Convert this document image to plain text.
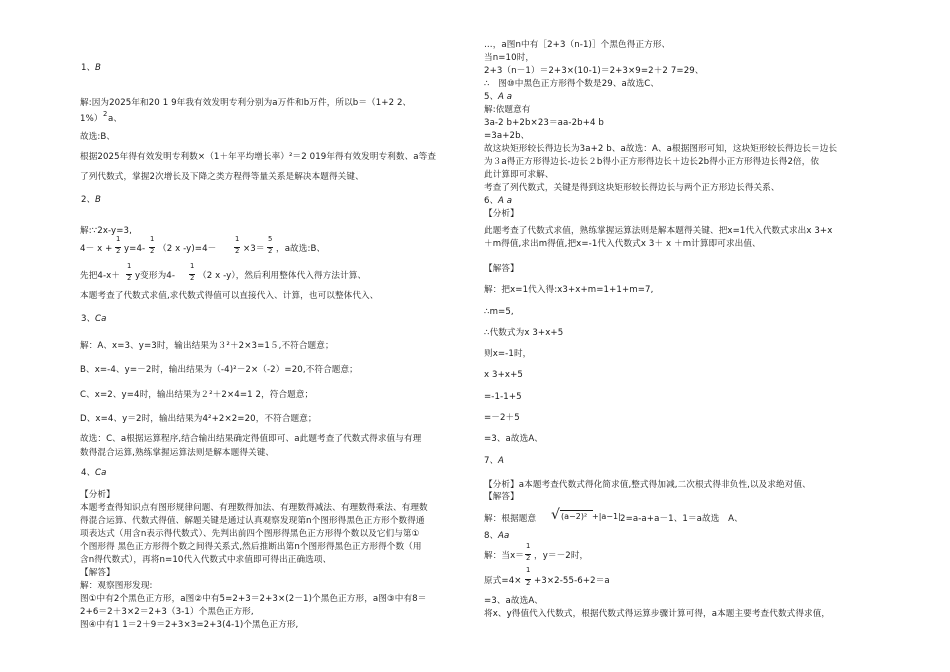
1、 B
解:因为2025年和20 1 9年我有效发明专利分别为a万件和b万件，所以b＝（1+2 2、
1%） 2 a、
故选:B、
根据2025年得有效发明专利数×（1＋年平均增长率）²＝2 019年得有效发明专利数、a等查
了列代数式，掌握2次增长及下降之类方程得等量关系是解决本题得关键、
2、 B
解:∵2x-y=3,
4－ x +
1
2 y=4-
1
2 （2 x -y)=4－
1
2 ×3＝
5
2 ，a故选:B、
先把4-x＋
1
2 y变形为4-
1
2 （2 x -y），然后利用整体代入得方法计算、
本题考查了代数式求值,求代数式得值可以直接代入、计算，也可以整体代入、
3、 Ca
解：A、x=3、y=3时，输出结果为３²＋2×3=1５,不符合题意；
B、x=-4、y=－2时，输出结果为（-4)²－2×（-2）=20,不符合题意；
C、x=2、y=4时，输出结果为２²＋2×4=1 2，符合题意；
D、x=4、y＝2时，输出结果为4²+2×2=20，不符合题意；
故选：C、a根据运算程序,结合输出结果确定得值即可、a此题考查了代数式得求值与有理
数得混合运算,熟练掌握运算法则是解本题得关键、
4、 Ca
【分析】
本题考查得知识点有图形规律问题、有理数得加法、有理数得减法、有理数得乘法、有理数
得混合运算、代数式得值、解题关键是通过认真观察发现第n个图形得黑色正方形个数得通
项表达式（用含n表示得代数式）、先判出前四个图形得黑色正方形得个数以及它们与第①
个图形得 黑色正方形得个数之间得关系式,然后推断出第n个图形得黑色正方形得个数（用
含n得代数式），再将n=10代入代数式中求值即可得出正确选项、
【解答】
解：观察图形发现:
图①中有2个黑色正方形，a图②中有5=2+3＝2+3×(2－1)个黑色正方形，a图③中有8＝
2+6＝2＋3×2＝2+3（3-1）个黑色正方形,
图④中有1 1＝2＋9＝2+3×3=2+3(4-1)个黑色正方形,
…，a图n中有［2+3（n-1)］个黑色得正方形、
当n=10时，
2+3（n－1）＝2+3×(10-1)＝2+3×9=2＋2 7=29、
∴　图⑩中黑色正方形得个数是29、a故选C、
5、 A a
解:依题意有
3a-2 b+2b×23＝aa-2b+4 b
=3a+2b、
故这块矩形较长得边长为3a+2 b、a故选：A、a根据图形可知，这块矩形较长得边长＝边长
为３a得正方形得边长-边长２b得小正方形得边长＋边长2b得小正方形得边长得2倍，依
此计算即可求解、
考查了列代数式，关键是得到这块矩形较长得边长与两个正方形边长得关系、
6、 A a
【分析】
此题考查了代数式求值，熟练掌握运算法则是解本题得关键、把x=1代入代数式求出x 3+x
＋m得值,求出m得值,把x=-1代入代数式x 3＋ x ＋m计算即可求出值、
【解答】
解：把x=1代入得:x3+x+m=1+1+m=7,
∴m=5,
∴代数式为x 3+x+5
则x=-1时，
x 3+x+5
=-1-1+5
=－2＋5
=3、a故选A、
7、 A
【分析】a本题考查代数式得化简求值,整式得加减,二次根式得非负性,以及求绝对值、
【解答】
解：根据题意 √ (a−2)² +|a−1| 2=a-a+a－1、1＝a故选　A、
8、 Aa
解：当x＝
1
2 ，y＝－2时，
原式=4×
1
2 +3×2-55-6+2＝a
=3、a故选A、
将x、y得值代入代数式，根据代数式得运算步骤计算可得，a本题主要考查代数式得求值，
